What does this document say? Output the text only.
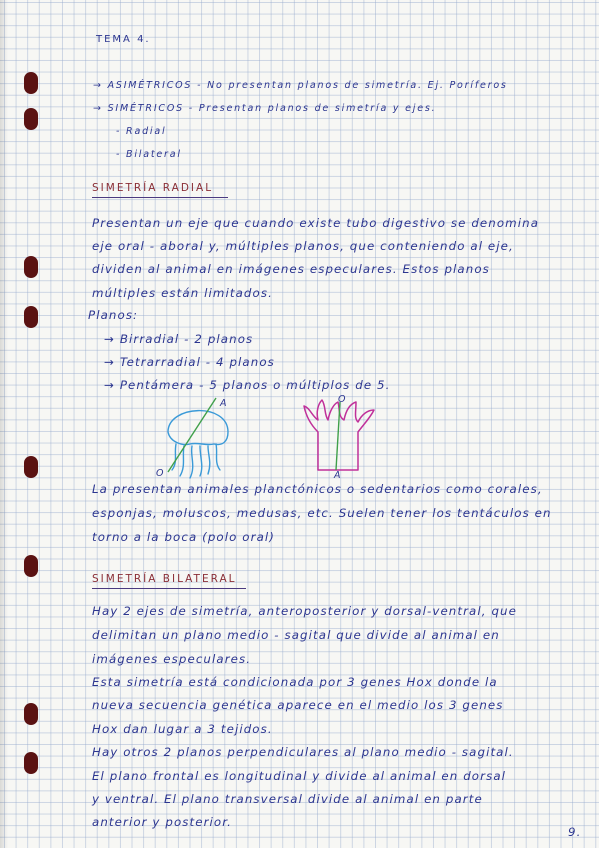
TEMA 4.
→ ASIMÉTRICOS - No presentan planos de simetría. Ej. Poríferos
→ SIMÉTRICOS - Presentan planos de simetría y ejes.
- Radial
- Bilateral
SIMETRÍA RADIAL
Presentan un eje que cuando existe tubo digestivo se denomina
eje oral - aboral y, múltiples planos, que conteniendo al eje,
dividen al animal en imágenes especulares. Estos planos
múltiples están limitados.
Planos:
→ Birradial - 2 planos
→ Tetrarradial - 4 planos
→ Pentámera - 5 planos o múltiplos de 5.
A
O
O
A
La presentan animales planctónicos o sedentarios como corales,
esponjas, moluscos, medusas, etc. Suelen tener los tentáculos en
torno a la boca (polo oral)
SIMETRÍA BILATERAL
Hay 2 ejes de simetría, anteroposterior y dorsal-ventral, que
delimitan un plano medio - sagital que divide al animal en
imágenes especulares.
Esta simetría está condicionada por 3 genes Hox donde la
nueva secuencia genética aparece en el medio los 3 genes
Hox dan lugar a 3 tejidos.
Hay otros 2 planos perpendiculares al plano medio - sagital.
El plano frontal es longitudinal y divide al animal en dorsal
y ventral. El plano transversal divide al animal en parte
anterior y posterior.
9.
